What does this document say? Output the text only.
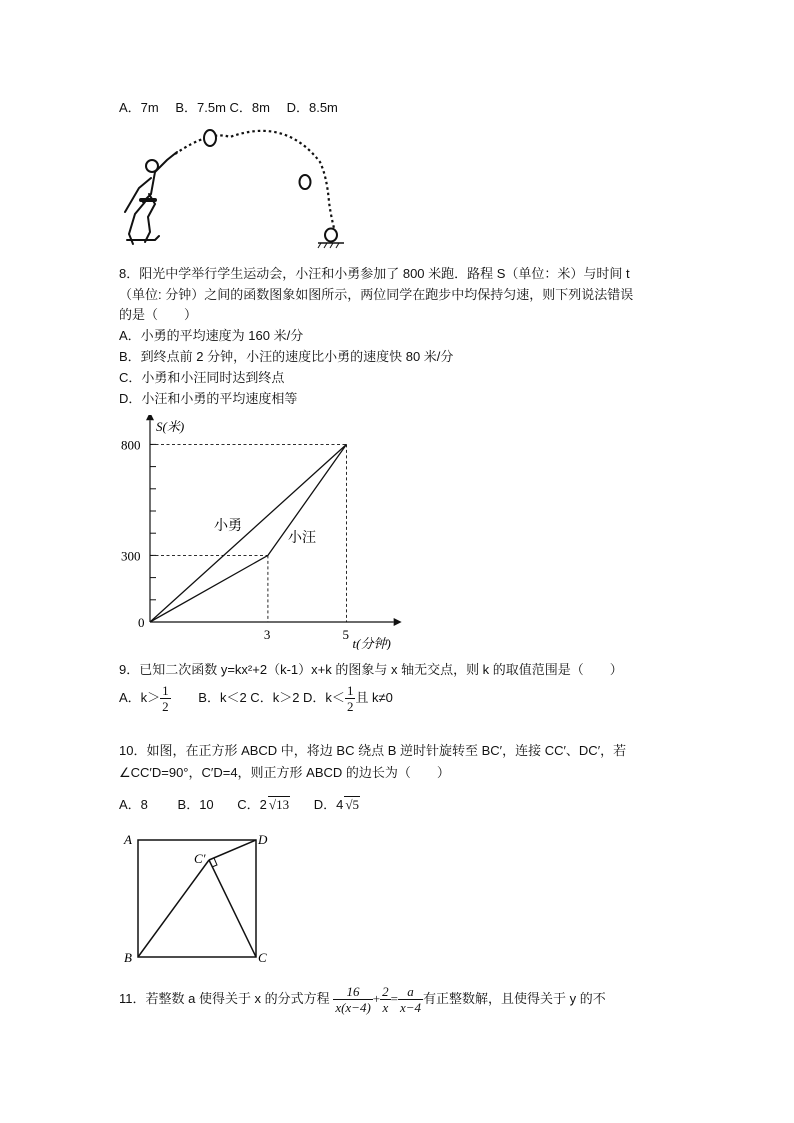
A．7m　 B．7.5m C．8m　 D．8.5m
8．阳光中学举行学生运动会，小汪和小勇参加了 800 米跑．路程 S（单位：米）与时间 t
（单位: 分钟）之间的函数图象如图所示，两位同学在跑步中均保持匀速，则下列说法错误
的是（　　）
A．小勇的平均速度为 160 米/分
B．到终点前 2 分钟，小汪的速度比小勇的速度快 80 米/分
C．小勇和小汪同时达到终点
D．小汪和小勇的平均速度相等
0
3	5
300
800
S(米)
t(分钟)
小勇
小汪
9．已知二次函数 y=kx²+2（k-1）x+k 的图象与 x 轴无交点，则 k 的取值范围是（　　）
A．$k> \frac{1}{2}$ B．k＜2 C．k＞2 D．$k< \frac{1}{2}$ 且 k≠0
10．如图，在正方形 ABCD 中，将边 BC 绕点 B 逆时针旋转至 BC′，连接 CC′、DC′，若
∠CC′D=90°，C′D=4，则正方形 ABCD 的边长为（　　）
A．8 B．10 C．2 √13 D．4 √5
A
B	C
D
C′
11．若整数 a 使得关于 x 的分式方程 $\frac{16}{x(x-4)} + \frac{2}{x} = \frac{a}{x-4}$ 有正整数解，且使得关于 y 的不
